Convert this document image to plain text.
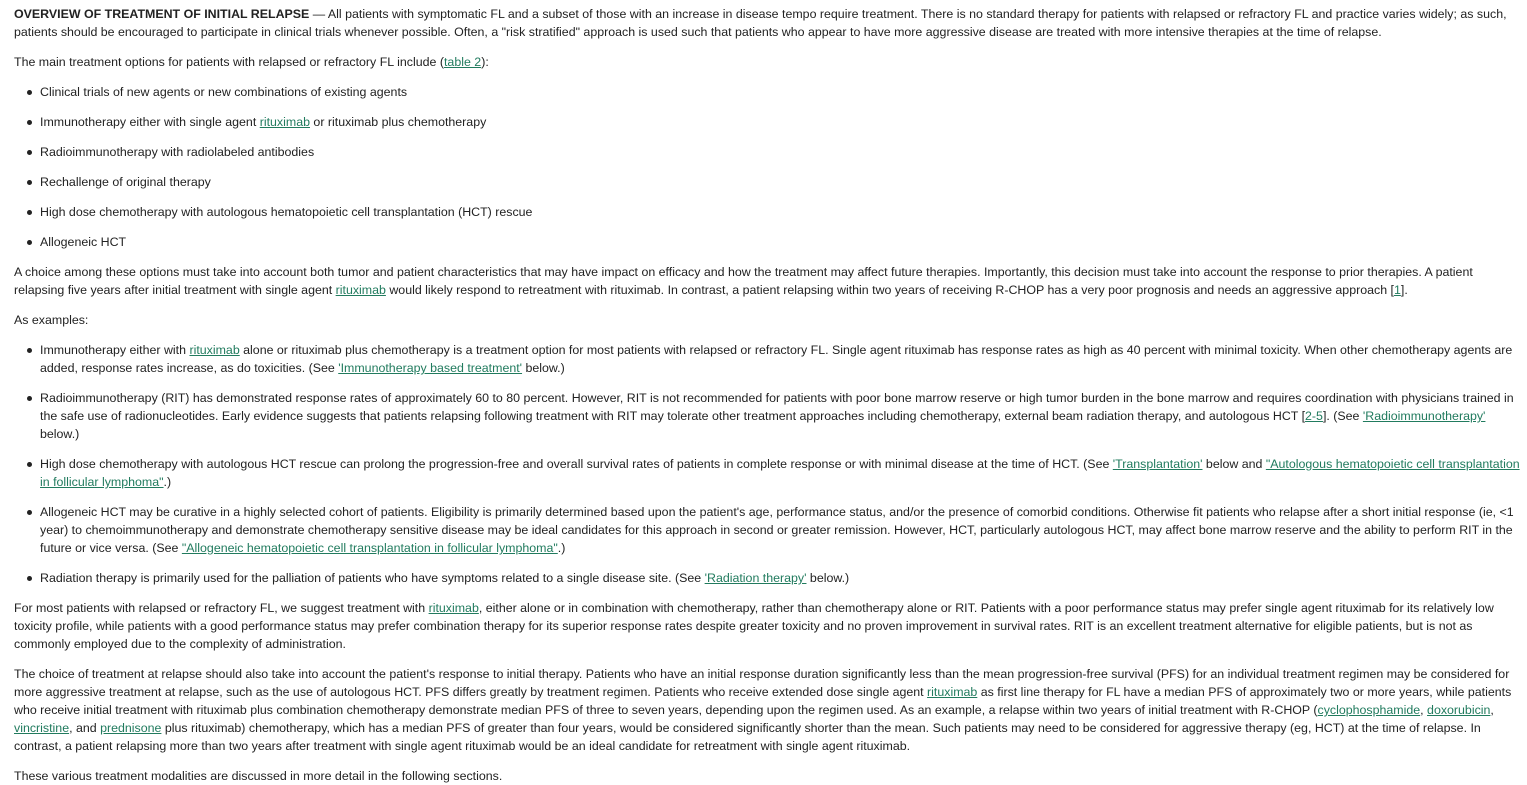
OVERVIEW OF TREATMENT OF INITIAL RELAPSE — All patients with symptomatic FL and a subset of those with an increase in disease tempo require treatment. There is no standard therapy for patients with relapsed or refractory FL and practice varies widely; as such, patients should be encouraged to participate in clinical trials whenever possible. Often, a "risk stratified" approach is used such that patients who appear to have more aggressive disease are treated with more intensive therapies at the time of relapse.

The main treatment options for patients with relapsed or refractory FL include (table 2):

Clinical trials of new agents or new combinations of existing agents
Immunotherapy either with single agent rituximab or rituximab plus chemotherapy
Radioimmunotherapy with radiolabeled antibodies
Rechallenge of original therapy
High dose chemotherapy with autologous hematopoietic cell transplantation (HCT) rescue
Allogeneic HCT

A choice among these options must take into account both tumor and patient characteristics that may have impact on efficacy and how the treatment may affect future therapies. Importantly, this decision must take into account the response to prior therapies. A patient relapsing five years after initial treatment with single agent rituximab would likely respond to retreatment with rituximab. In contrast, a patient relapsing within two years of receiving R-CHOP has a very poor prognosis and needs an aggressive approach [1].

As examples:

Immunotherapy either with rituximab alone or rituximab plus chemotherapy is a treatment option for most patients with relapsed or refractory FL. Single agent rituximab has response rates as high as 40 percent with minimal toxicity. When other chemotherapy agents are added, response rates increase, as do toxicities. (See 'Immunotherapy based treatment' below.)
Radioimmunotherapy (RIT) has demonstrated response rates of approximately 60 to 80 percent. However, RIT is not recommended for patients with poor bone marrow reserve or high tumor burden in the bone marrow and requires coordination with physicians trained in the safe use of radionucleotides. Early evidence suggests that patients relapsing following treatment with RIT may tolerate other treatment approaches including chemotherapy, external beam radiation therapy, and autologous HCT [2-5]. (See 'Radioimmunotherapy' below.)
High dose chemotherapy with autologous HCT rescue can prolong the progression-free and overall survival rates of patients in complete response or with minimal disease at the time of HCT. (See 'Transplantation' below and "Autologous hematopoietic cell transplantation in follicular lymphoma".)
Allogeneic HCT may be curative in a highly selected cohort of patients. Eligibility is primarily determined based upon the patient's age, performance status, and/or the presence of comorbid conditions. Otherwise fit patients who relapse after a short initial response (ie, <1 year) to chemoimmunotherapy and demonstrate chemotherapy sensitive disease may be ideal candidates for this approach in second or greater remission. However, HCT, particularly autologous HCT, may affect bone marrow reserve and the ability to perform RIT in the future or vice versa. (See "Allogeneic hematopoietic cell transplantation in follicular lymphoma".)
Radiation therapy is primarily used for the palliation of patients who have symptoms related to a single disease site. (See 'Radiation therapy' below.)

For most patients with relapsed or refractory FL, we suggest treatment with rituximab, either alone or in combination with chemotherapy, rather than chemotherapy alone or RIT. Patients with a poor performance status may prefer single agent rituximab for its relatively low toxicity profile, while patients with a good performance status may prefer combination therapy for its superior response rates despite greater toxicity and no proven improvement in survival rates. RIT is an excellent treatment alternative for eligible patients, but is not as commonly employed due to the complexity of administration.

The choice of treatment at relapse should also take into account the patient's response to initial therapy. Patients who have an initial response duration significantly less than the mean progression-free survival (PFS) for an individual treatment regimen may be considered for more aggressive treatment at relapse, such as the use of autologous HCT. PFS differs greatly by treatment regimen. Patients who receive extended dose single agent rituximab as first line therapy for FL have a median PFS of approximately two or more years, while patients who receive initial treatment with rituximab plus combination chemotherapy demonstrate median PFS of three to seven years, depending upon the regimen used. As an example, a relapse within two years of initial treatment with R-CHOP (cyclophosphamide, doxorubicin, vincristine, and prednisone plus rituximab) chemotherapy, which has a median PFS of greater than four years, would be considered significantly shorter than the mean. Such patients may need to be considered for aggressive therapy (eg, HCT) at the time of relapse. In contrast, a patient relapsing more than two years after treatment with single agent rituximab would be an ideal candidate for retreatment with single agent rituximab.

These various treatment modalities are discussed in more detail in the following sections.
